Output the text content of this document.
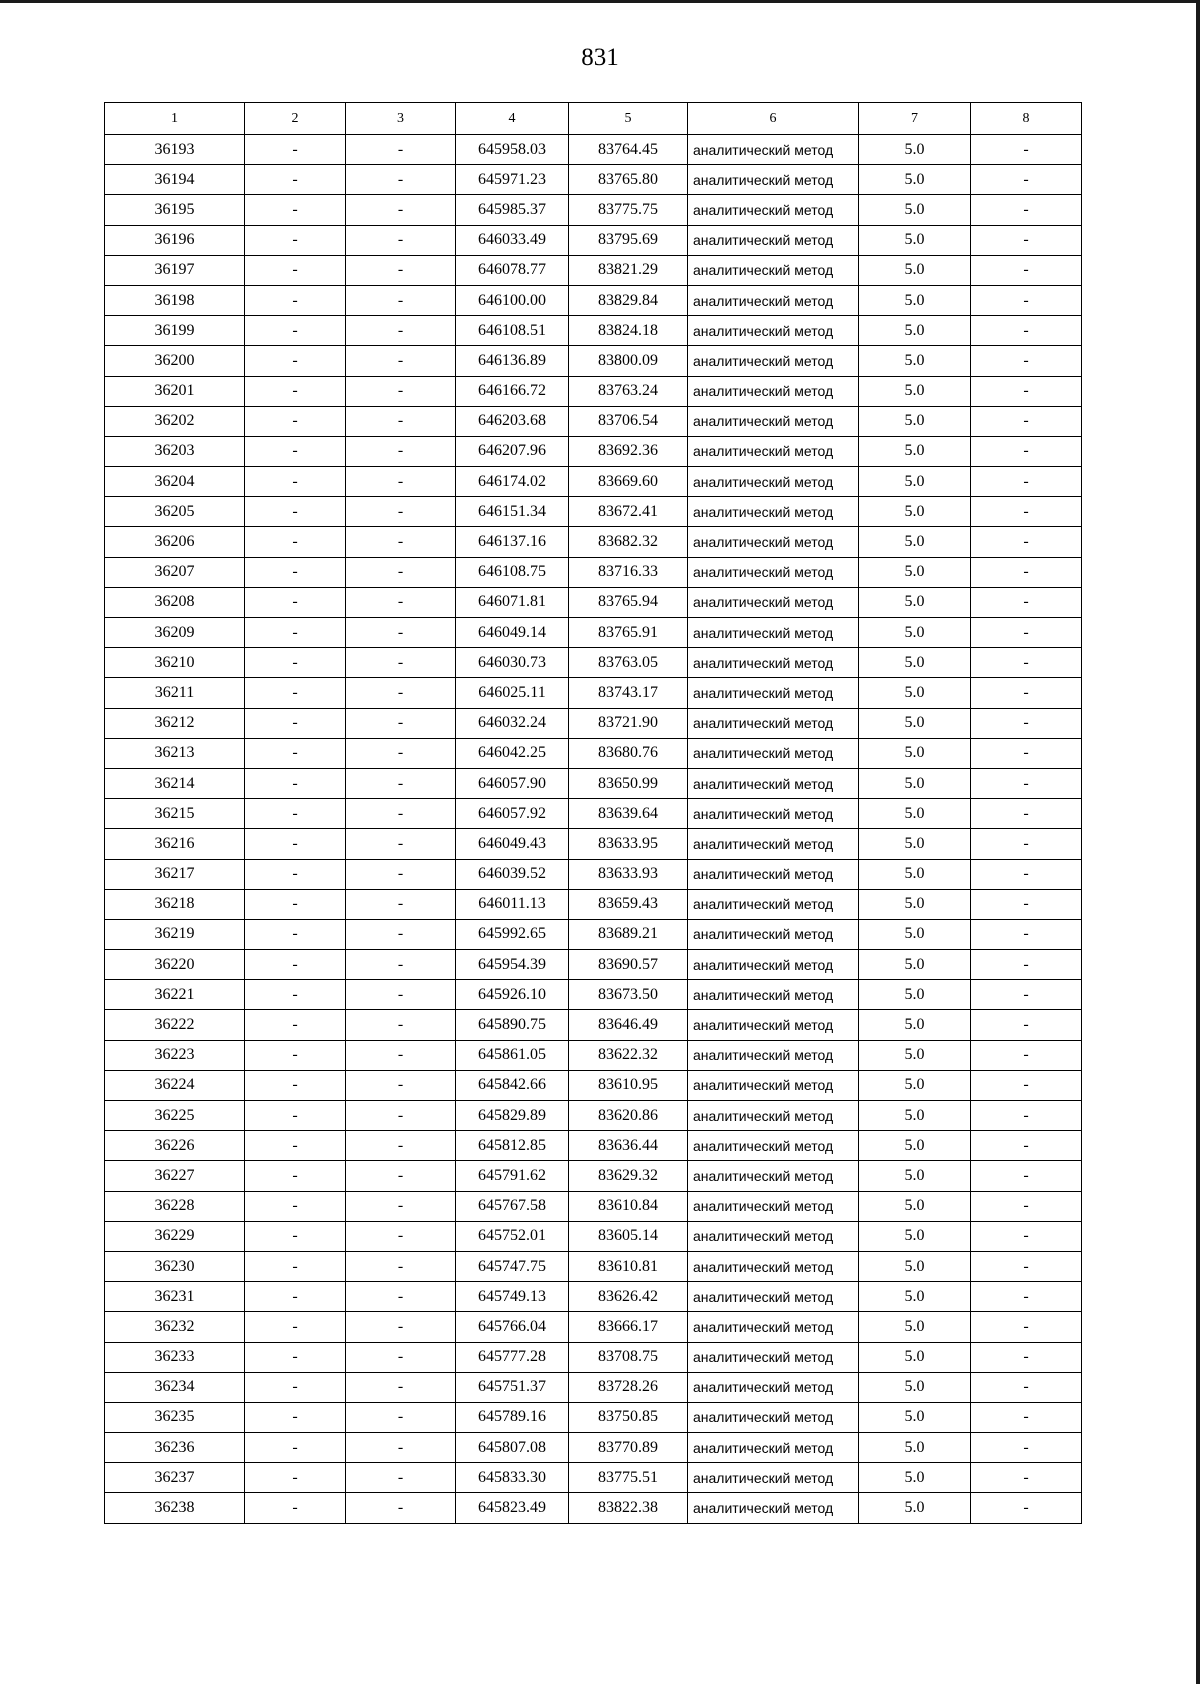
831
1	2	3	4	5	6	7	8
36193	-	-	645958.03	83764.45	аналитический метод	5.0	-
36194	-	-	645971.23	83765.80	аналитический метод	5.0	-
36195	-	-	645985.37	83775.75	аналитический метод	5.0	-
36196	-	-	646033.49	83795.69	аналитический метод	5.0	-
36197	-	-	646078.77	83821.29	аналитический метод	5.0	-
36198	-	-	646100.00	83829.84	аналитический метод	5.0	-
36199	-	-	646108.51	83824.18	аналитический метод	5.0	-
36200	-	-	646136.89	83800.09	аналитический метод	5.0	-
36201	-	-	646166.72	83763.24	аналитический метод	5.0	-
36202	-	-	646203.68	83706.54	аналитический метод	5.0	-
36203	-	-	646207.96	83692.36	аналитический метод	5.0	-
36204	-	-	646174.02	83669.60	аналитический метод	5.0	-
36205	-	-	646151.34	83672.41	аналитический метод	5.0	-
36206	-	-	646137.16	83682.32	аналитический метод	5.0	-
36207	-	-	646108.75	83716.33	аналитический метод	5.0	-
36208	-	-	646071.81	83765.94	аналитический метод	5.0	-
36209	-	-	646049.14	83765.91	аналитический метод	5.0	-
36210	-	-	646030.73	83763.05	аналитический метод	5.0	-
36211	-	-	646025.11	83743.17	аналитический метод	5.0	-
36212	-	-	646032.24	83721.90	аналитический метод	5.0	-
36213	-	-	646042.25	83680.76	аналитический метод	5.0	-
36214	-	-	646057.90	83650.99	аналитический метод	5.0	-
36215	-	-	646057.92	83639.64	аналитический метод	5.0	-
36216	-	-	646049.43	83633.95	аналитический метод	5.0	-
36217	-	-	646039.52	83633.93	аналитический метод	5.0	-
36218	-	-	646011.13	83659.43	аналитический метод	5.0	-
36219	-	-	645992.65	83689.21	аналитический метод	5.0	-
36220	-	-	645954.39	83690.57	аналитический метод	5.0	-
36221	-	-	645926.10	83673.50	аналитический метод	5.0	-
36222	-	-	645890.75	83646.49	аналитический метод	5.0	-
36223	-	-	645861.05	83622.32	аналитический метод	5.0	-
36224	-	-	645842.66	83610.95	аналитический метод	5.0	-
36225	-	-	645829.89	83620.86	аналитический метод	5.0	-
36226	-	-	645812.85	83636.44	аналитический метод	5.0	-
36227	-	-	645791.62	83629.32	аналитический метод	5.0	-
36228	-	-	645767.58	83610.84	аналитический метод	5.0	-
36229	-	-	645752.01	83605.14	аналитический метод	5.0	-
36230	-	-	645747.75	83610.81	аналитический метод	5.0	-
36231	-	-	645749.13	83626.42	аналитический метод	5.0	-
36232	-	-	645766.04	83666.17	аналитический метод	5.0	-
36233	-	-	645777.28	83708.75	аналитический метод	5.0	-
36234	-	-	645751.37	83728.26	аналитический метод	5.0	-
36235	-	-	645789.16	83750.85	аналитический метод	5.0	-
36236	-	-	645807.08	83770.89	аналитический метод	5.0	-
36237	-	-	645833.30	83775.51	аналитический метод	5.0	-
36238	-	-	645823.49	83822.38	аналитический метод	5.0	-
